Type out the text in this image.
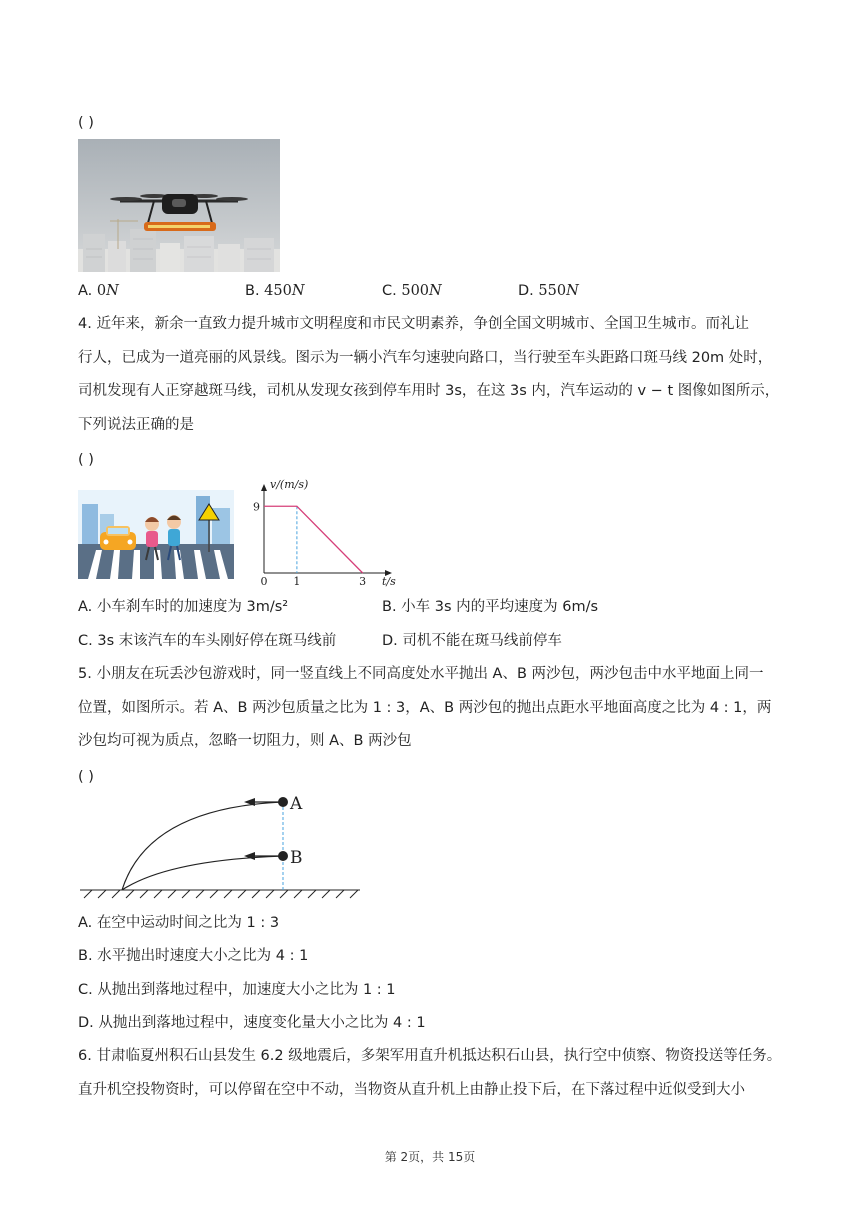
( )
A. 0N	B. 450N	C. 500N	D. 550N
4. 近年来，新余一直致力提升城市文明程度和市民文明素养，争创全国文明城市、全国卫生城市。而礼让
行人，已成为一道亮丽的风景线。图示为一辆小汽车匀速驶向路口，当行驶至车头距路口斑马线 20m 处时，
司机发现有人正穿越斑马线，司机从发现女孩到停车用时 3s，在这 3s 内，汽车运动的 v − t 图像如图所示，
下列说法正确的是
( )
v/(m/s)
t/s
9
0 1	3
A. 小车刹车时的加速度为 3m/s²	B. 小车 3s 内的平均速度为 6m/s
C. 3s 末该汽车的车头刚好停在斑马线前	D. 司机不能在斑马线前停车
5. 小朋友在玩丢沙包游戏时，同一竖直线上不同高度处水平抛出 A、B 两沙包，两沙包击中水平地面上同一
位置，如图所示。若 A、B 两沙包质量之比为 1 : 3，A、B 两沙包的抛出点距水平地面高度之比为 4 : 1，两
沙包均可视为质点，忽略一切阻力，则 A、B 两沙包
( )
A
B
A. 在空中运动时间之比为 1 : 3
B. 水平抛出时速度大小之比为 4 : 1
C. 从抛出到落地过程中，加速度大小之比为 1 : 1
D. 从抛出到落地过程中，速度变化量大小之比为 4 : 1
6. 甘肃临夏州积石山县发生 6.2 级地震后，多架军用直升机抵达积石山县，执行空中侦察、物资投送等任务。
直升机空投物资时，可以停留在空中不动，当物资从直升机上由静止投下后，在下落过程中近似受到大小
第 2页，共 15页
